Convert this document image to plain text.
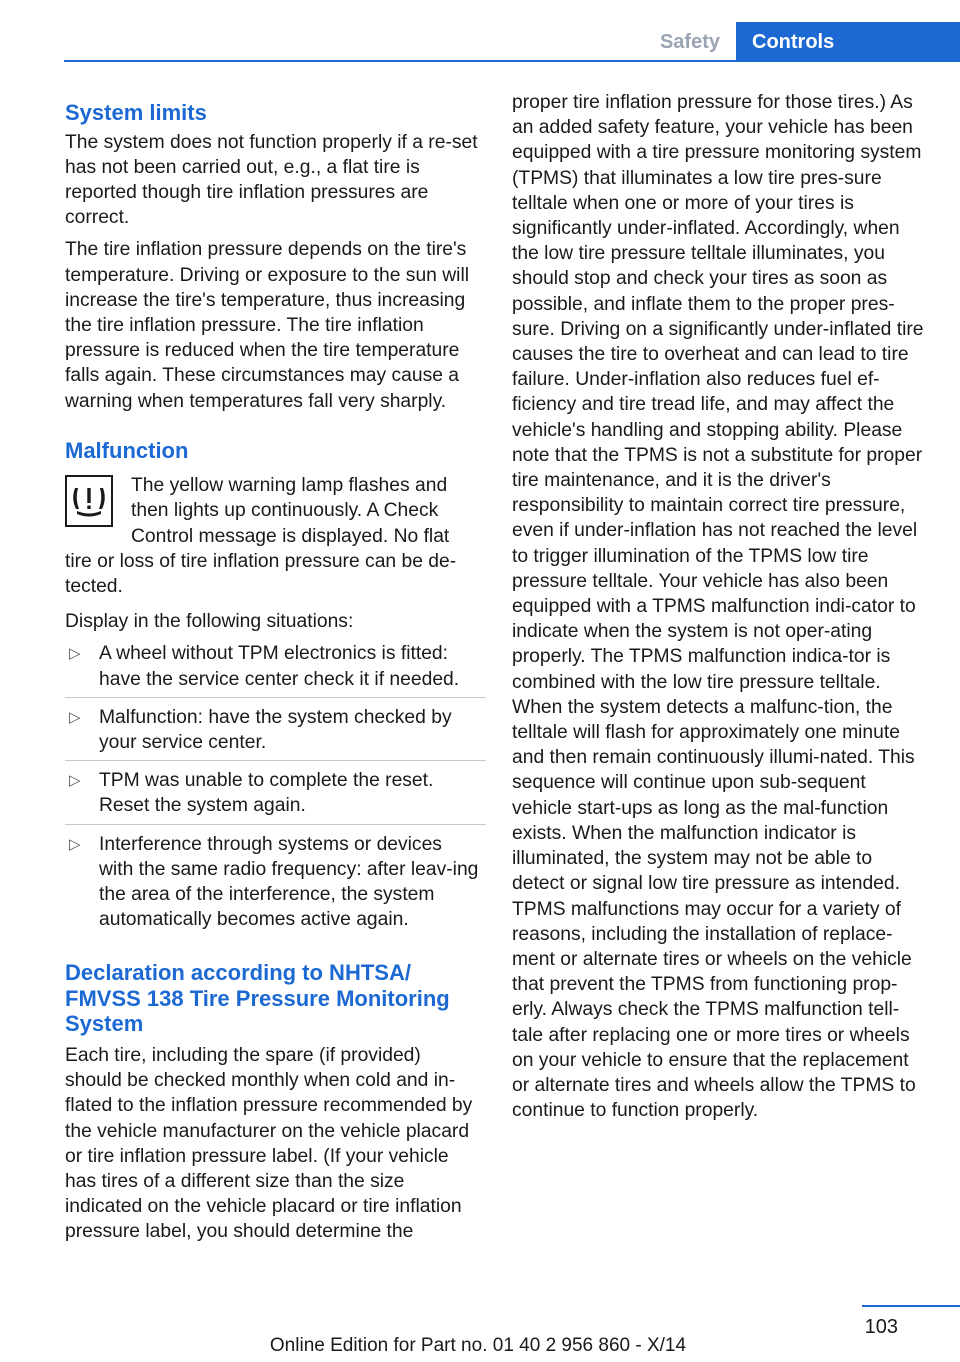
Safety	Controls
System limits

The system does not function properly if a re-set has not been carried out, e.g., a flat tire is reported though tire inflation pressures are correct.

The tire inflation pressure depends on the tire's temperature. Driving or exposure to the sun will increase the tire's temperature, thus increasing the tire inflation pressure. The tire inflation pressure is reduced when the tire temperature falls again. These circumstances may cause a warning when temperatures fall very sharply.

Malfunction

The yellow warning lamp flashes and then lights up continuously. A Check Control message is displayed. No flat tire or loss of tire inflation pressure can be de-tected.

Display in the following situations:

▷ A wheel without TPM electronics is fitted: have the service center check it if needed.
▷ Malfunction: have the system checked by your service center.
▷ TPM was unable to complete the reset. Reset the system again.
▷ Interference through systems or devices with the same radio frequency: after leav-ing the area of the interference, the system automatically becomes active again.
Declaration according to NHTSA/ FMVSS 138 Tire Pressure Monitoring System

Each tire, including the spare (if provided) should be checked monthly when cold and in-flated to the inflation pressure recommended by the vehicle manufacturer on the vehicle placard or tire inflation pressure label. (If your vehicle has tires of a different size than the size indicated on the vehicle placard or tire inflation pressure label, you should determine the

proper tire inflation pressure for those tires.) As an added safety feature, your vehicle has been equipped with a tire pressure monitoring system (TPMS) that illuminates a low tire pres-sure telltale when one or more of your tires is significantly under-inflated. Accordingly, when the low tire pressure telltale illuminates, you should stop and check your tires as soon as possible, and inflate them to the proper pres-sure. Driving on a significantly under-inflated tire causes the tire to overheat and can lead to tire failure. Under-inflation also reduces fuel ef-ficiency and tire tread life, and may affect the vehicle's handling and stopping ability. Please note that the TPMS is not a substitute for proper tire maintenance, and it is the driver's responsibility to maintain correct tire pressure, even if under-inflation has not reached the level to trigger illumination of the TPMS low tire pressure telltale. Your vehicle has also been equipped with a TPMS malfunction indi-cator to indicate when the system is not oper-ating properly. The TPMS malfunction indica-tor is combined with the low tire pressure telltale. When the system detects a malfunc-tion, the telltale will flash for approximately one minute and then remain continuously illumi-nated. This sequence will continue upon sub-sequent vehicle start-ups as long as the mal-function exists. When the malfunction indicator is illuminated, the system may not be able to detect or signal low tire pressure as intended. TPMS malfunctions may occur for a variety of reasons, including the installation of replace-ment or alternate tires or wheels on the vehicle that prevent the TPMS from functioning prop-erly. Always check the TPMS malfunction tell-tale after replacing one or more tires or wheels on your vehicle to ensure that the replacement or alternate tires and wheels allow the TPMS to continue to function properly.

103
Online Edition for Part no. 01 40 2 956 860 - X/14
